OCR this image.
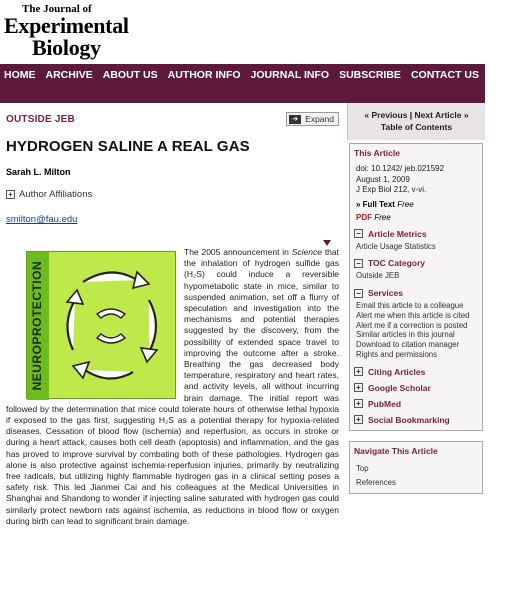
The Journal of
Experimental
Biology
HOME ARCHIVE ABOUT US AUTHOR INFO JOURNAL INFO SUBSCRIBE CONTACT US HELP
OUTSIDE JEB	➜ Expand
HYDROGEN SALINE A REAL GAS
Sarah L. Milton
+ Author Affiliations
smilton@fau.edu
NEUROPROTECTION
The 2005 announcement in Science that the inhalation of hydrogen sulfide gas (H₂S) could induce a reversible hypometabolic state in mice, similar to suspended animation, set off a flurry of speculation and investigation into the mechanisms and potential therapies suggested by the discovery, from the possibility of extended space travel to improving the outcome after a stroke. Breathing the gas decreased body temperature, respiratory and heart rates, and activity levels, all without incurring brain damage. The initial report was followed by the determination that mice could tolerate hours of otherwise lethal hypoxia if exposed to the gas first, suggesting H₂S as a potential therapy for hypoxia-related diseases. Cessation of blood flow (ischemia) and reperfusion, as occurs in stroke or during a heart attack, causes both cell death (apoptosis) and inflammation, and the gas has proved to improve survival by combating both of these pathologies. Hydrogen gas alone is also protective against ischemia-reperfusion injuries, primarily by neutralizing free radicals, but utilizing highly flammable hydrogen gas in a clinical setting poses a safety risk. This led Jianmei Cai and his colleagues at the Medical Universities in Shanghai and Shandong to wonder if injecting saline saturated with hydrogen gas could similarly protect newborn rats against ischemia, as reductions in blood flow or oxygen during birth can lead to significant brain damage.
« Previous | Next Article »
Table of Contents
This Article
doi: 10.1242/ jeb.021592
August 1, 2009
J Exp Biol 212, v-vi.
» Full Text Free
PDF Free
− Article Metrics
Article Usage Statistics
− TOC Category
Outside JEB
− Services
Email this article to a colleague
Alert me when this article is cited
Alert me if a correction is posted
Similar articles in this journal
Download to citation manager
Rights and permissions
+ Citing Articles
+ Google Scholar
+ PubMed
+ Social Bookmarking
Navigate This Article
Top
References
